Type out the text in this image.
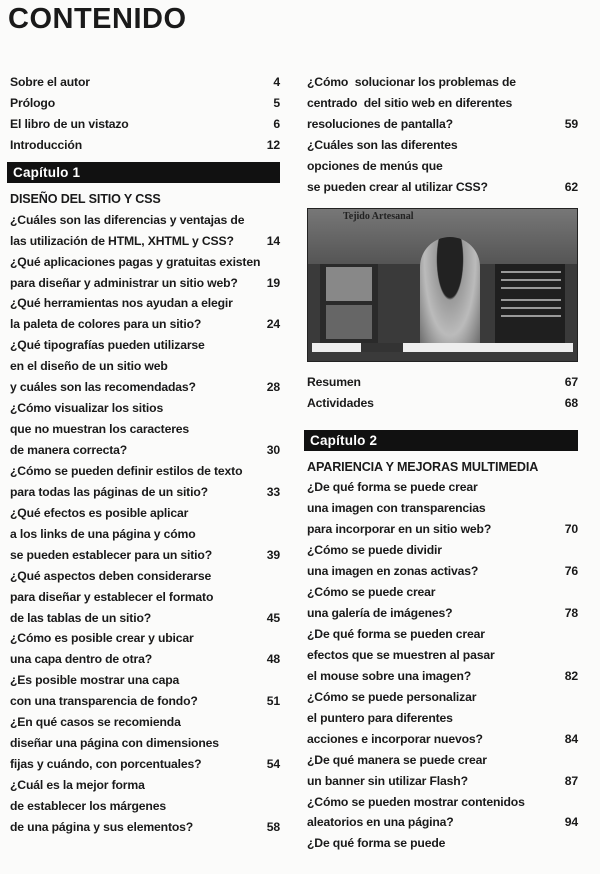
CONTENIDO
Sobre el autor	4
Prólogo	5
El libro de un vistazo	6
Introducción	12
Capítulo 1
DISEÑO DEL SITIO Y CSS
¿Cuáles son las diferencias y ventajas de
las utilización de HTML, XHTML y CSS?	14
¿Qué aplicaciones pagas y gratuitas existen
para diseñar y administrar un sitio web? 19
¿Qué herramientas nos ayudan a elegir
la paleta de colores para un sitio?	24
¿Qué tipografías pueden utilizarse
en el diseño de un sitio web
y cuáles son las recomendadas?	28
¿Cómo visualizar los sitios
que no muestran los caracteres
de manera correcta?	30
¿Cómo se pueden definir estilos de texto
para todas las páginas de un sitio?	33
¿Qué efectos es posible aplicar
a los links de una página y cómo
se pueden establecer para un sitio?	39
¿Qué aspectos deben considerarse
para diseñar y establecer el formato
de las tablas de un sitio?	45
¿Cómo es posible crear y ubicar
una capa dentro de otra?	48
¿Es posible mostrar una capa
con una transparencia de fondo?	51
¿En qué casos se recomienda
diseñar una página con dimensiones
fijas y cuándo, con porcentuales?	54
¿Cuál es la mejor forma
de establecer los márgenes
de una página y sus elementos?	58
¿Cómo  solucionar los problemas de
centrado  del sitio web en diferentes
resoluciones de pantalla?	59
¿Cuáles son las diferentes
opciones de menús que
se pueden crear al utilizar CSS?	62
Tejido Artesanal
Resumen	67
Actividades	68
Capítulo 2
APARIENCIA Y MEJORAS MULTIMEDIA
¿De qué forma se puede crear
una imagen con transparencias
para incorporar en un sitio web?	70
¿Cómo se puede dividir
una imagen en zonas activas?	76
¿Cómo se puede crear
una galería de imágenes?	78
¿De qué forma se pueden crear
efectos que se muestren al pasar
el mouse sobre una imagen?	82
¿Cómo se puede personalizar
el puntero para diferentes
acciones e incorporar nuevos?	84
¿De qué manera se puede crear
un banner sin utilizar Flash?	87
¿Cómo se pueden mostrar contenidos
aleatorios en una página?	94
¿De qué forma se puede
